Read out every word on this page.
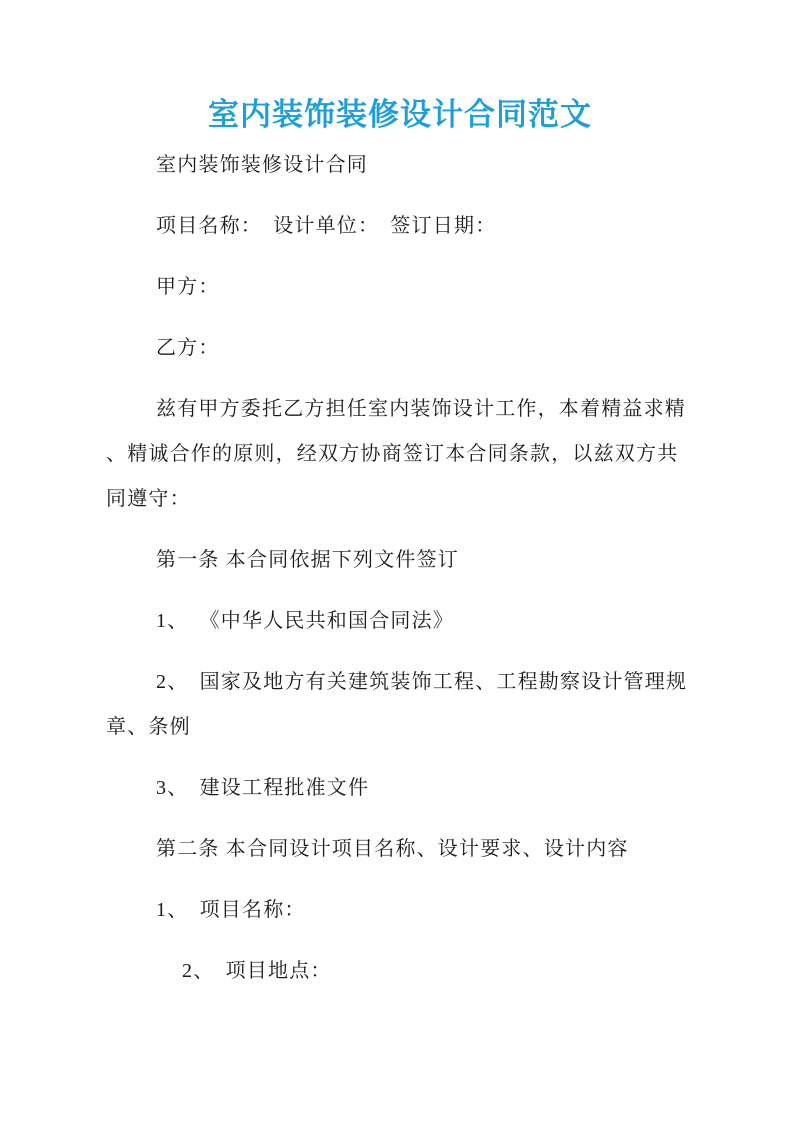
室内装饰装修设计合同范文

室内装饰装修设计合同

项目名称：　设计单位：　签订日期：

甲方：

乙方：

兹有甲方委托乙方担任室内装饰设计工作，本着精益求精、精诚合作的原则，经双方协商签订本合同条款，以兹双方共同遵守：

第一条 本合同依据下列文件签订

1、 《中华人民共和国合同法》

2、 国家及地方有关建筑装饰工程、工程勘察设计管理规章、条例

3、 建设工程批准文件

第二条 本合同设计项目名称、设计要求、设计内容

1、 项目名称：

2、 项目地点：
